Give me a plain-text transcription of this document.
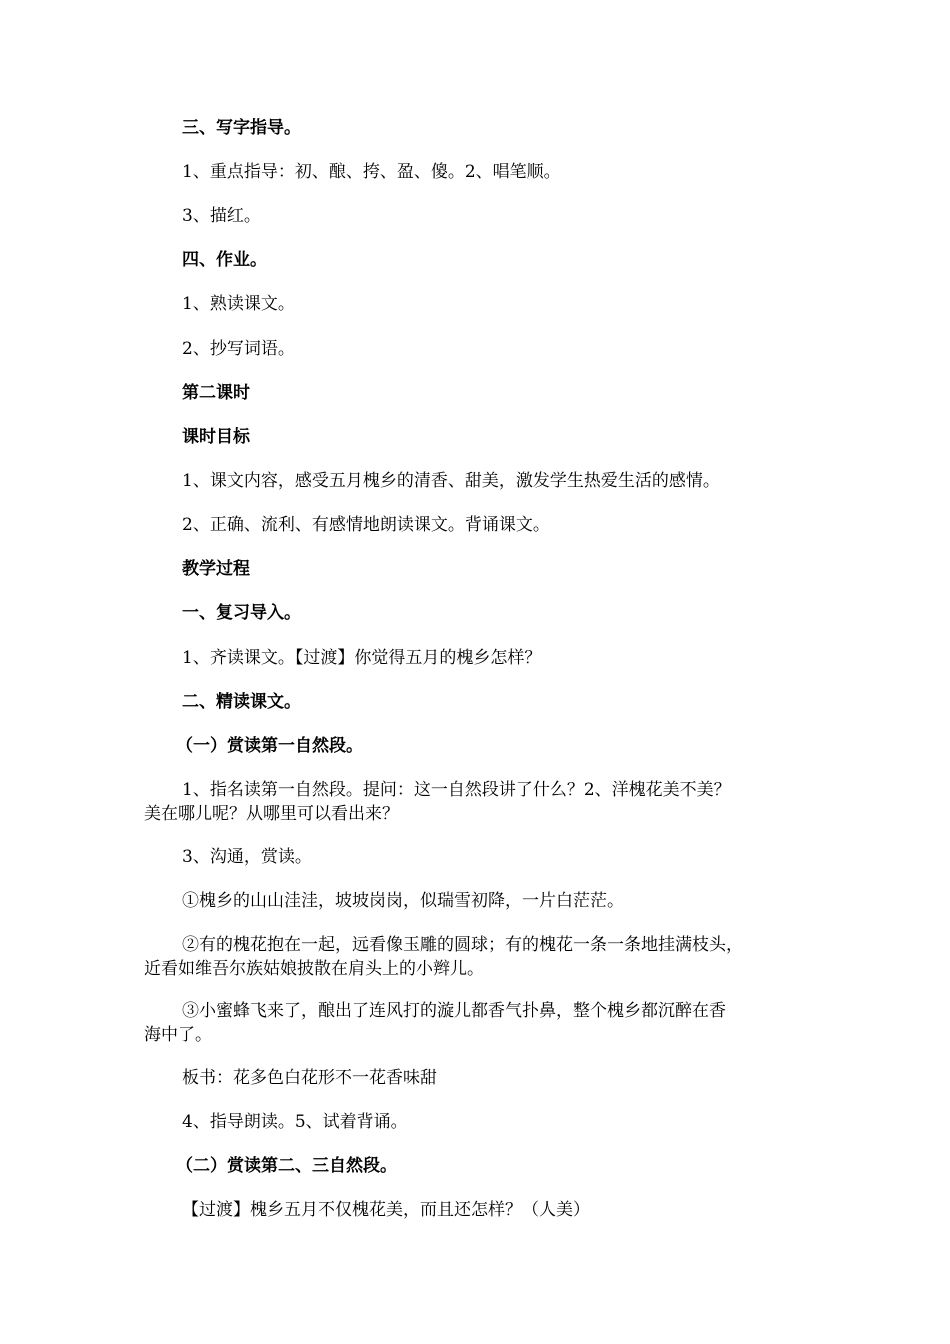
三、写字指导。
1、重点指导：初、酿、挎、盈、傻。2、唱笔顺。
3、描红。
四、作业。
1、熟读课文。
2、抄写词语。
第二课时
课时目标
1、课文内容，感受五月槐乡的清香、甜美，激发学生热爱生活的感情。
2、正确、流利、有感情地朗读课文。背诵课文。
教学过程
一、复习导入。
1、齐读课文。【过渡】你觉得五月的槐乡怎样？
二、精读课文。
（一）赏读第一自然段。
1、指名读第一自然段。提问：这一自然段讲了什么？2、洋槐花美不美？
美在哪儿呢？从哪里可以看出来？
3、沟通，赏读。
①槐乡的山山洼洼，坡坡岗岗，似瑞雪初降，一片白茫茫。
②有的槐花抱在一起，远看像玉雕的圆球；有的槐花一条一条地挂满枝头，
近看如维吾尔族姑娘披散在肩头上的小辫儿。
③小蜜蜂飞来了，酿出了连风打的漩儿都香气扑鼻，整个槐乡都沉醉在香
海中了。
板书：花多色白花形不一花香味甜
4、指导朗读。5、试着背诵。
（二）赏读第二、三自然段。
【过渡】槐乡五月不仅槐花美，而且还怎样？（人美）
